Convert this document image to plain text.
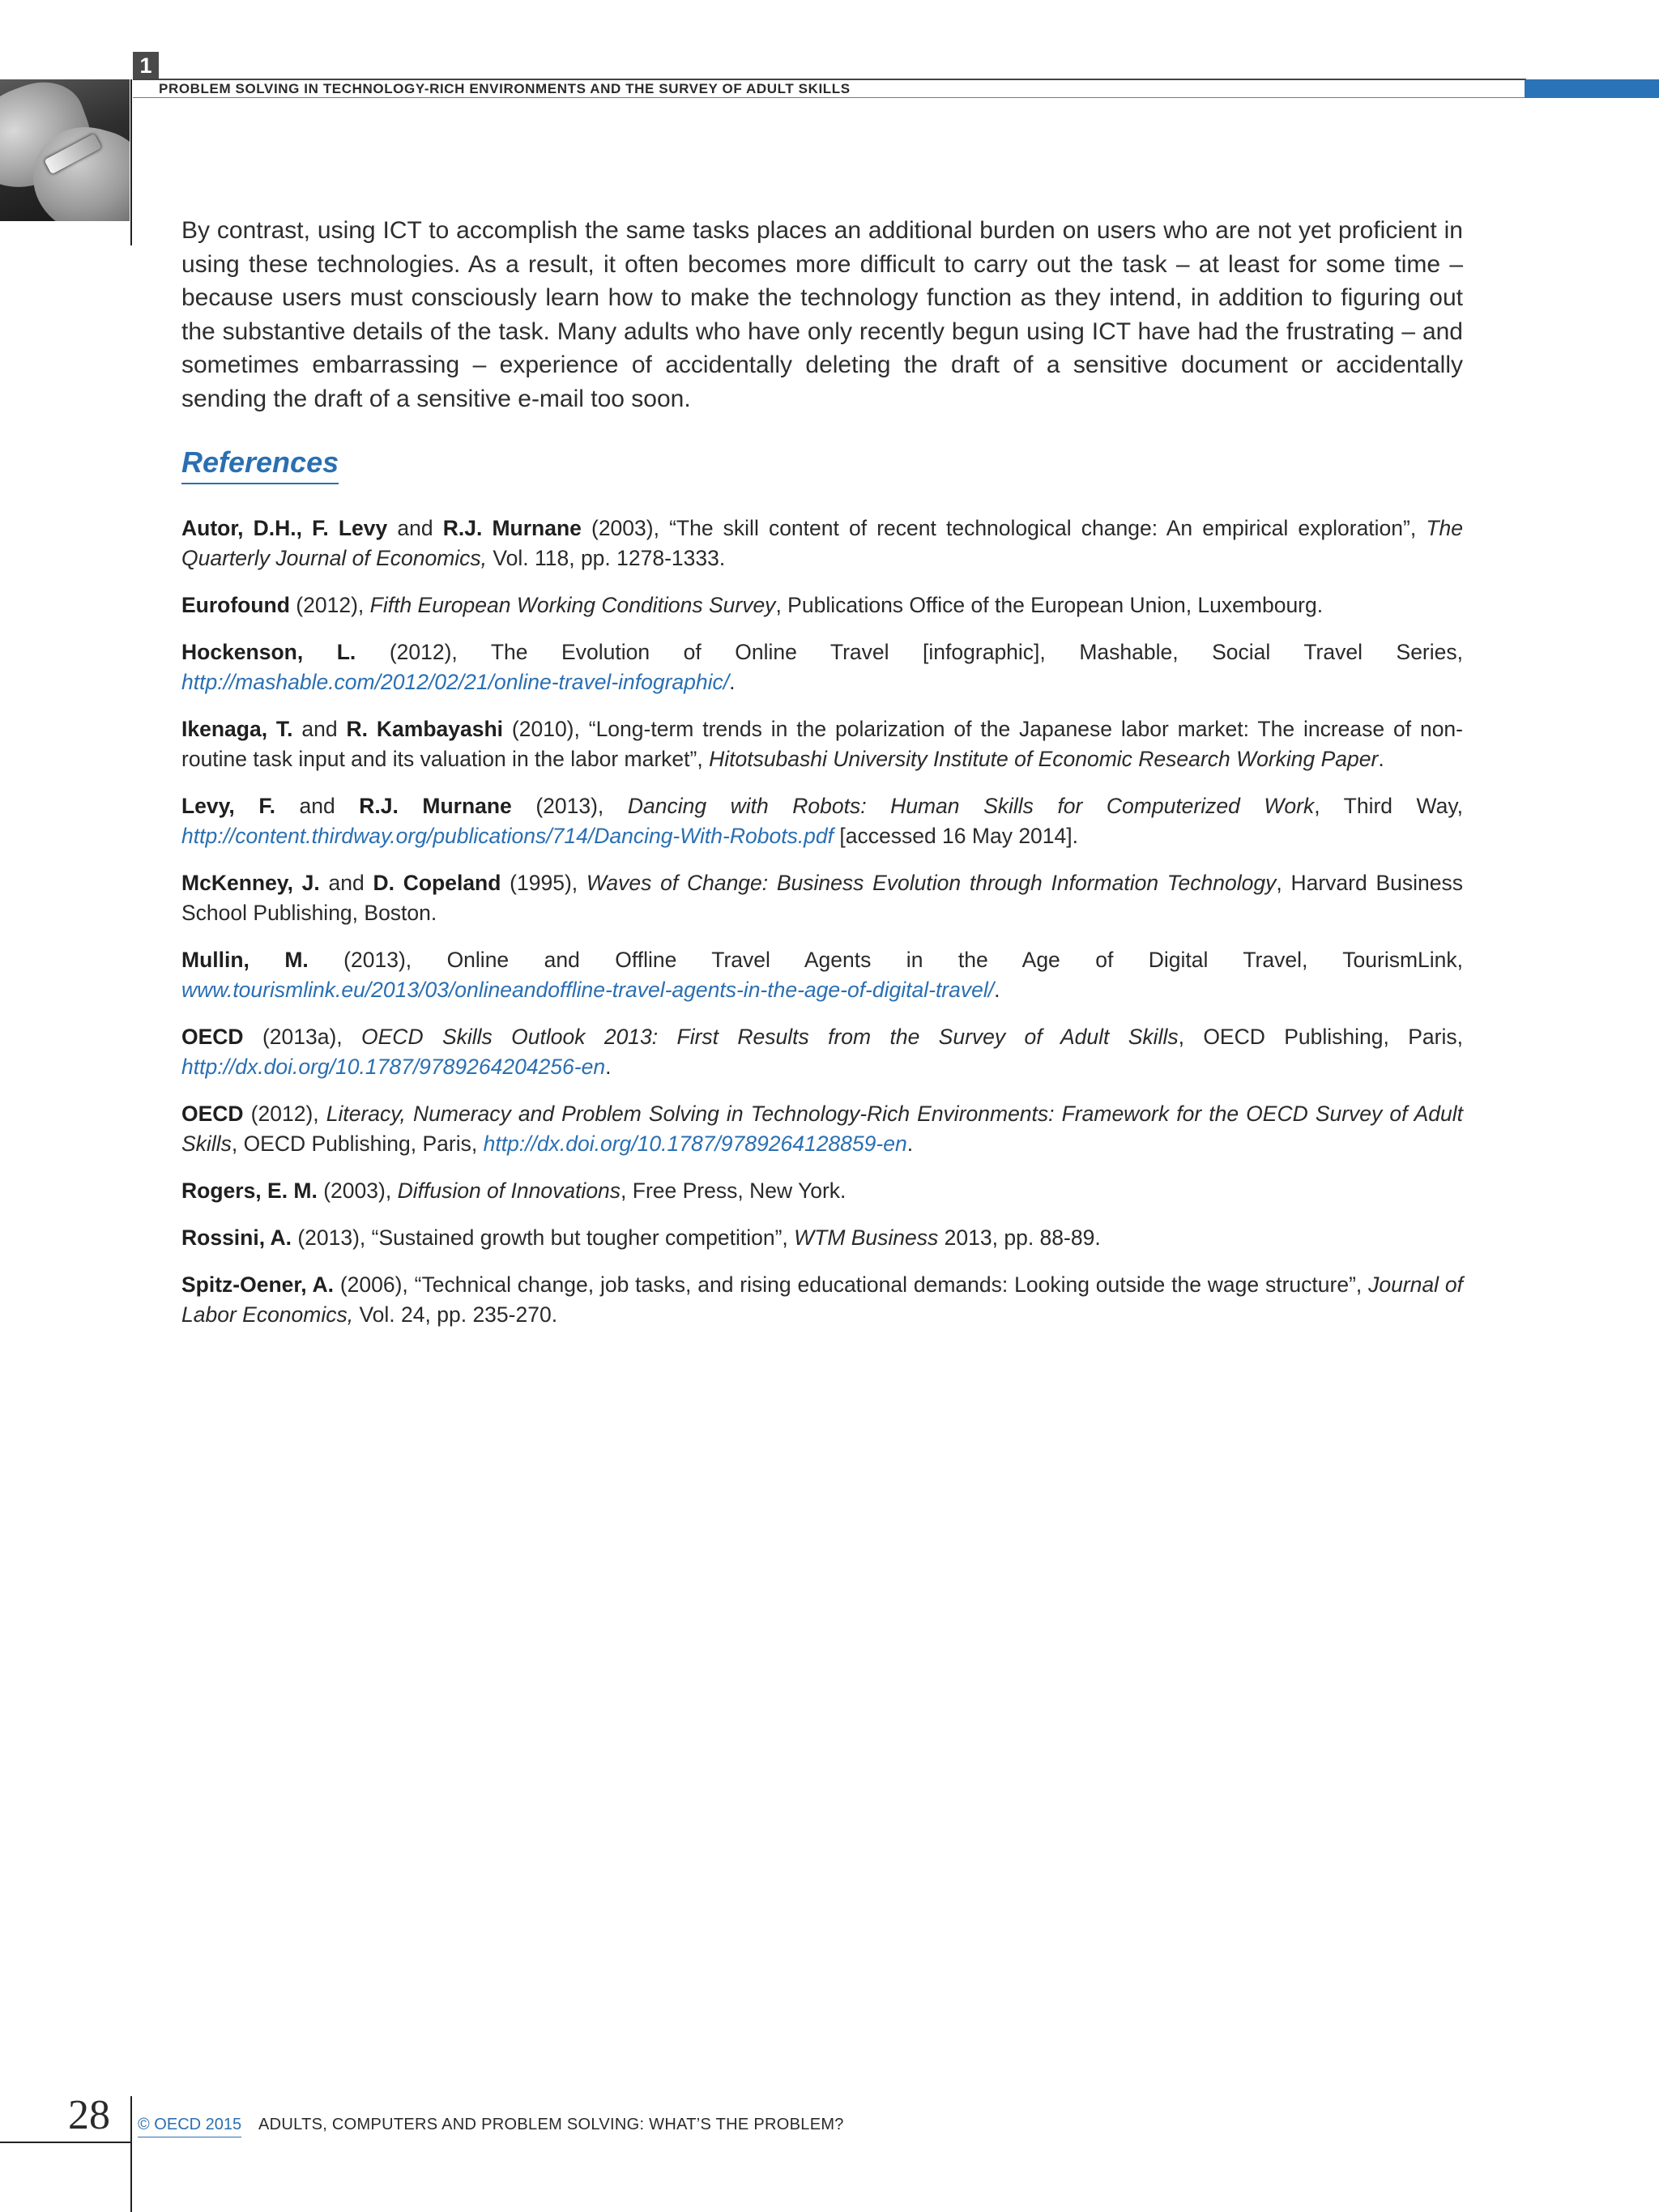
1
PROBLEM SOLVING IN TECHNOLOGY-RICH ENVIRONMENTS AND THE SURVEY OF ADULT SKILLS

By contrast, using ICT to accomplish the same tasks places an additional burden on users who are not yet proficient in using these technologies. As a result, it often becomes more difficult to carry out the task – at least for some time – because users must consciously learn how to make the technology function as they intend, in addition to figuring out the substantive details of the task. Many adults who have only recently begun using ICT have had the frustrating – and sometimes embarrassing – experience of accidentally deleting the draft of a sensitive document or accidentally sending the draft of a sensitive e-mail too soon.

References
Autor, D.H., F. Levy and R.J. Murnane (2003), “The skill content of recent technological change: An empirical exploration”, The Quarterly Journal of Economics, Vol. 118, pp. 1278-1333.
Eurofound (2012), Fifth European Working Conditions Survey, Publications Office of the European Union, Luxembourg.
Hockenson, L. (2012), The Evolution of Online Travel [infographic], Mashable, Social Travel Series, http://mashable.com/2012/02/21/online-travel-infographic/.
Ikenaga, T. and R. Kambayashi (2010), “Long-term trends in the polarization of the Japanese labor market: The increase of non-routine task input and its valuation in the labor market”, Hitotsubashi University Institute of Economic Research Working Paper.
Levy, F. and R.J. Murnane (2013), Dancing with Robots: Human Skills for Computerized Work, Third Way, http://content.thirdway.org/publications/714/Dancing-With-Robots.pdf [accessed 16 May 2014].
McKenney, J. and D. Copeland (1995), Waves of Change: Business Evolution through Information Technology, Harvard Business School Publishing, Boston.
Mullin, M. (2013), Online and Offline Travel Agents in the Age of Digital Travel, TourismLink, www.tourismlink.eu/2013/03/onlineandoffline-travel-agents-in-the-age-of-digital-travel/.
OECD (2013a), OECD Skills Outlook 2013: First Results from the Survey of Adult Skills, OECD Publishing, Paris, http://dx.doi.org/10.1787/9789264204256-en.
OECD (2012), Literacy, Numeracy and Problem Solving in Technology-Rich Environments: Framework for the OECD Survey of Adult Skills, OECD Publishing, Paris, http://dx.doi.org/10.1787/9789264128859-en.
Rogers, E. M. (2003), Diffusion of Innovations, Free Press, New York.
Rossini, A. (2013), “Sustained growth but tougher competition”, WTM Business 2013, pp. 88-89.
Spitz-Oener, A. (2006), “Technical change, job tasks, and rising educational demands: Looking outside the wage structure”, Journal of Labor Economics, Vol. 24, pp. 235-270.
28 © OECD 2015 ADULTS, COMPUTERS AND PROBLEM SOLVING: WHAT’S THE PROBLEM?
